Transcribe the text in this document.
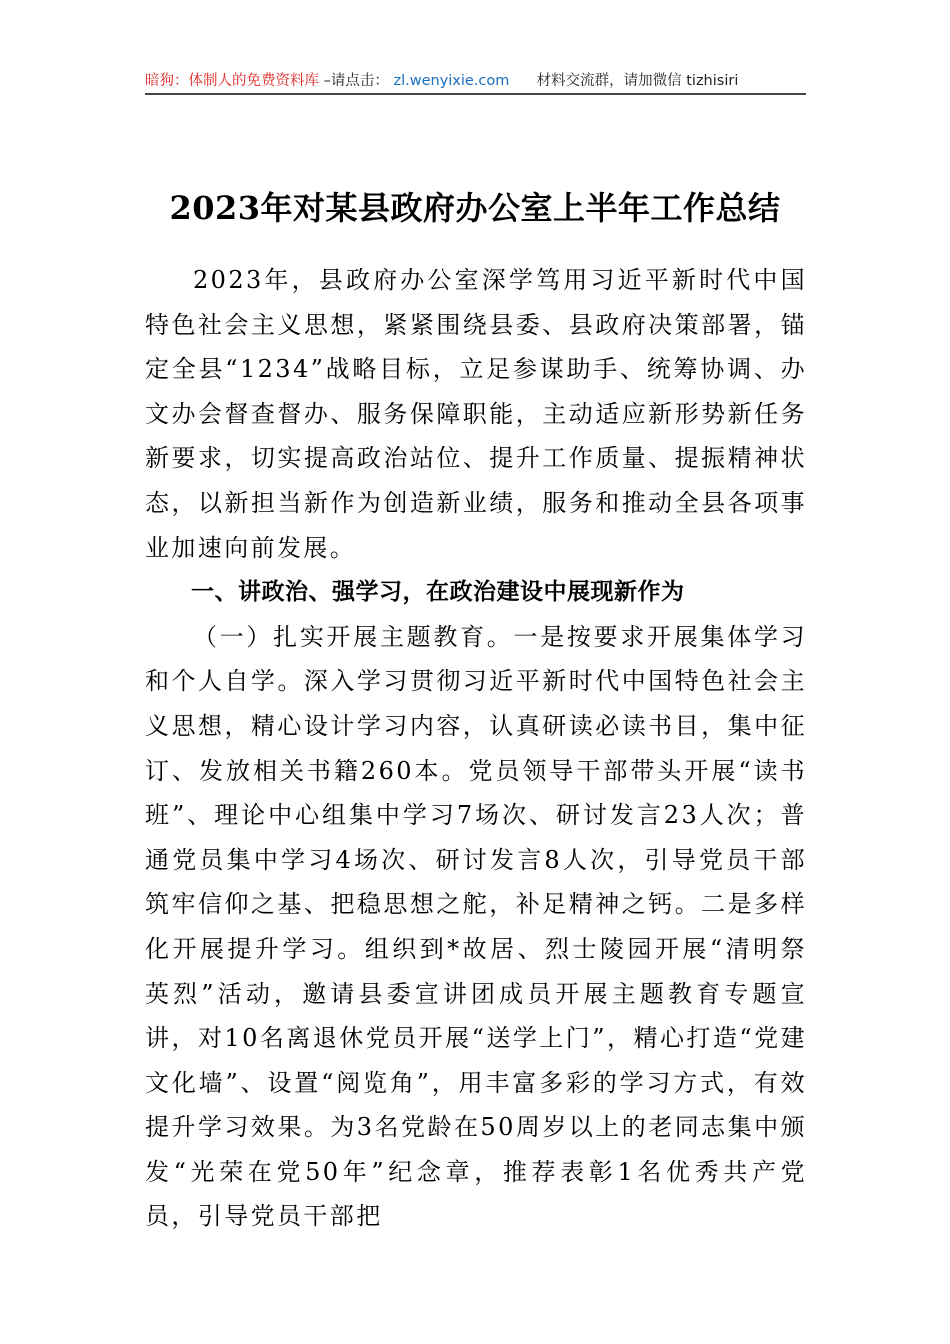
暗狗：体制人的免费资料库 –请点击： zl.wenyixie.com 材料交流群，请加微信 tizhisiri
2023年对某县政府办公室上半年工作总结

2023年，县政府办公室深学笃用习近平新时代中国特色社会主义思想，紧紧围绕县委、县政府决策部署，锚定全县“1234”战略目标，立足参谋助手、统筹协调、办文办会督查督办、服务保障职能，主动适应新形势新任务新要求，切实提高政治站位、提升工作质量、提振精神状态，以新担当新作为创造新业绩，服务和推动全县各项事业加速向前发展。

一、讲政治、强学习，在政治建设中展现新作为

（一）扎实开展主题教育。一是按要求开展集体学习和个人自学。深入学习贯彻习近平新时代中国特色社会主义思想，精心设计学习内容，认真研读必读书目，集中征订、发放相关书籍260本。党员领导干部带头开展“读书班”、理论中心组集中学习7场次、研讨发言23人次；普通党员集中学习4场次、研讨发言8人次，引导党员干部筑牢信仰之基、把稳思想之舵，补足精神之钙。二是多样化开展提升学习。组织到*故居、烈士陵园开展“清明祭英烈”活动，邀请县委宣讲团成员开展主题教育专题宣讲，对10名离退休党员开展“送学上门”，精心打造“党建文化墙”、设置“阅览角”，用丰富多彩的学习方式，有效提升学习效果。为3名党龄在50周岁以上的老同志集中颁发“光荣在党50年”纪念章，推荐表彰1名优秀共产党员，引导党员干部把
